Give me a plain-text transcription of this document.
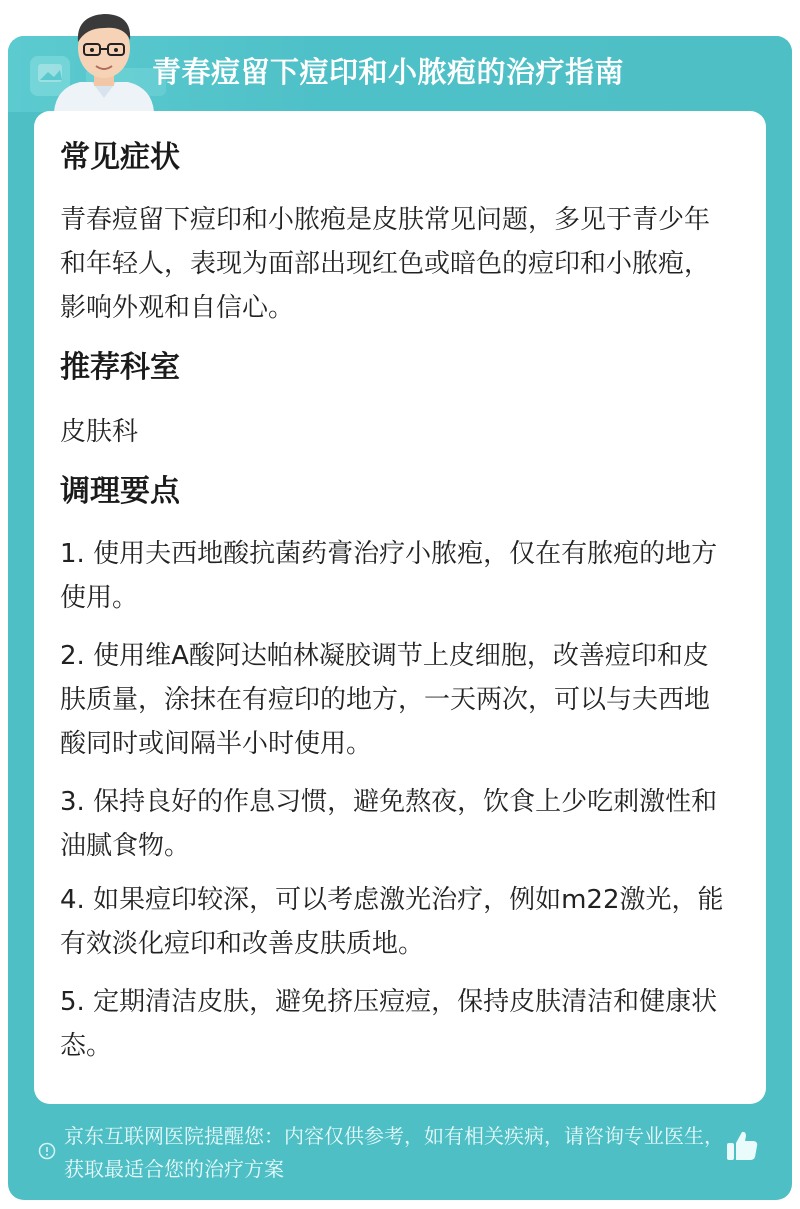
青春痘留下痘印和小脓疱的治疗指南
常见症状
青春痘留下痘印和小脓疱是皮肤常见问题，多见于青少年和年轻人，表现为面部出现红色或暗色的痘印和小脓疱，影响外观和自信心。
推荐科室
皮肤科
调理要点
1. 使用夫西地酸抗菌药膏治疗小脓疱，仅在有脓疱的地方使用。
2. 使用维A酸阿达帕林凝胶调节上皮细胞，改善痘印和皮肤质量，涂抹在有痘印的地方，一天两次，可以与夫西地酸同时或间隔半小时使用。
3. 保持良好的作息习惯，避免熬夜，饮食上少吃刺激性和油腻食物。
4. 如果痘印较深，可以考虑激光治疗，例如m22激光，能有效淡化痘印和改善皮肤质地。
5. 定期清洁皮肤，避免挤压痘痘，保持皮肤清洁和健康状态。
京东互联网医院提醒您：内容仅供参考，如有相关疾病，请咨询专业医生，获取最适合您的治疗方案
